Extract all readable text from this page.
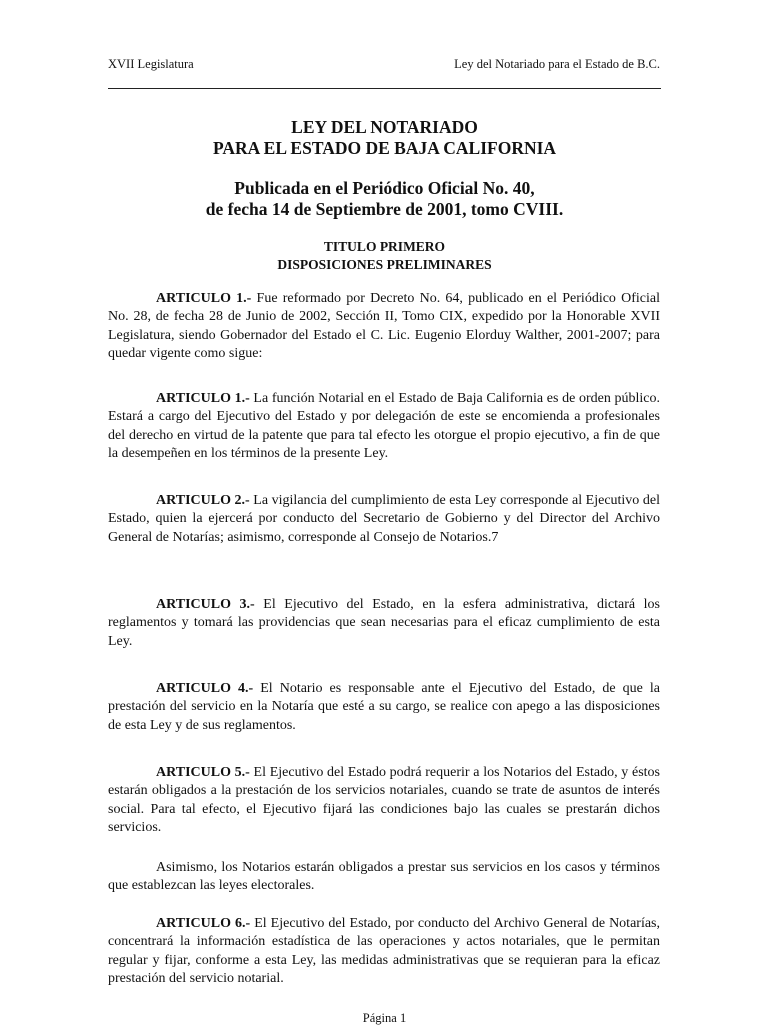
XVII Legislatura	Ley del Notariado para el Estado de B.C.
LEY DEL NOTARIADO
PARA EL ESTADO DE BAJA CALIFORNIA
Publicada en el Periódico Oficial No. 40,
de fecha 14 de Septiembre de 2001, tomo CVIII.
TITULO PRIMERO
DISPOSICIONES PRELIMINARES
ARTICULO 1.- Fue reformado por Decreto No. 64, publicado en el Periódico Oficial No. 28, de fecha 28 de Junio de 2002, Sección II, Tomo CIX, expedido por la Honorable XVII Legislatura, siendo Gobernador del Estado el C. Lic. Eugenio Elorduy Walther, 2001-2007; para quedar vigente como sigue:
ARTICULO 1.- La función Notarial en el Estado de Baja California es de orden público. Estará a cargo del Ejecutivo del Estado y por delegación de este se encomienda a profesionales del derecho en virtud de la patente que para tal efecto les otorgue el propio ejecutivo, a fin de que la desempeñen en los términos de la presente Ley.
ARTICULO 2.- La vigilancia del cumplimiento de esta Ley corresponde al Ejecutivo del Estado, quien la ejercerá por conducto del Secretario de Gobierno y del Director del Archivo General de Notarías; asimismo, corresponde al Consejo de Notarios.7
ARTICULO 3.- El Ejecutivo del Estado, en la esfera administrativa, dictará los reglamentos y tomará las providencias que sean necesarias para el eficaz cumplimiento de esta Ley.
ARTICULO 4.- El Notario es responsable ante el Ejecutivo del Estado, de que la prestación del servicio en la Notaría que esté a su cargo, se realice con apego a las disposiciones de esta Ley y de sus reglamentos.
ARTICULO 5.- El Ejecutivo del Estado podrá requerir a los Notarios del Estado, y éstos estarán obligados a la prestación de los servicios notariales, cuando se trate de asuntos de interés social. Para tal efecto, el Ejecutivo fijará las condiciones bajo las cuales se prestarán dichos servicios.
Asimismo, los Notarios estarán obligados a prestar sus servicios en los casos y términos que establezcan las leyes electorales.
ARTICULO 6.- El Ejecutivo del Estado, por conducto del Archivo General de Notarías, concentrará la información estadística de las operaciones y actos notariales, que le permitan regular y fijar, conforme a esta Ley, las medidas administrativas que se requieran para la eficaz prestación del servicio notarial.
Página 1
